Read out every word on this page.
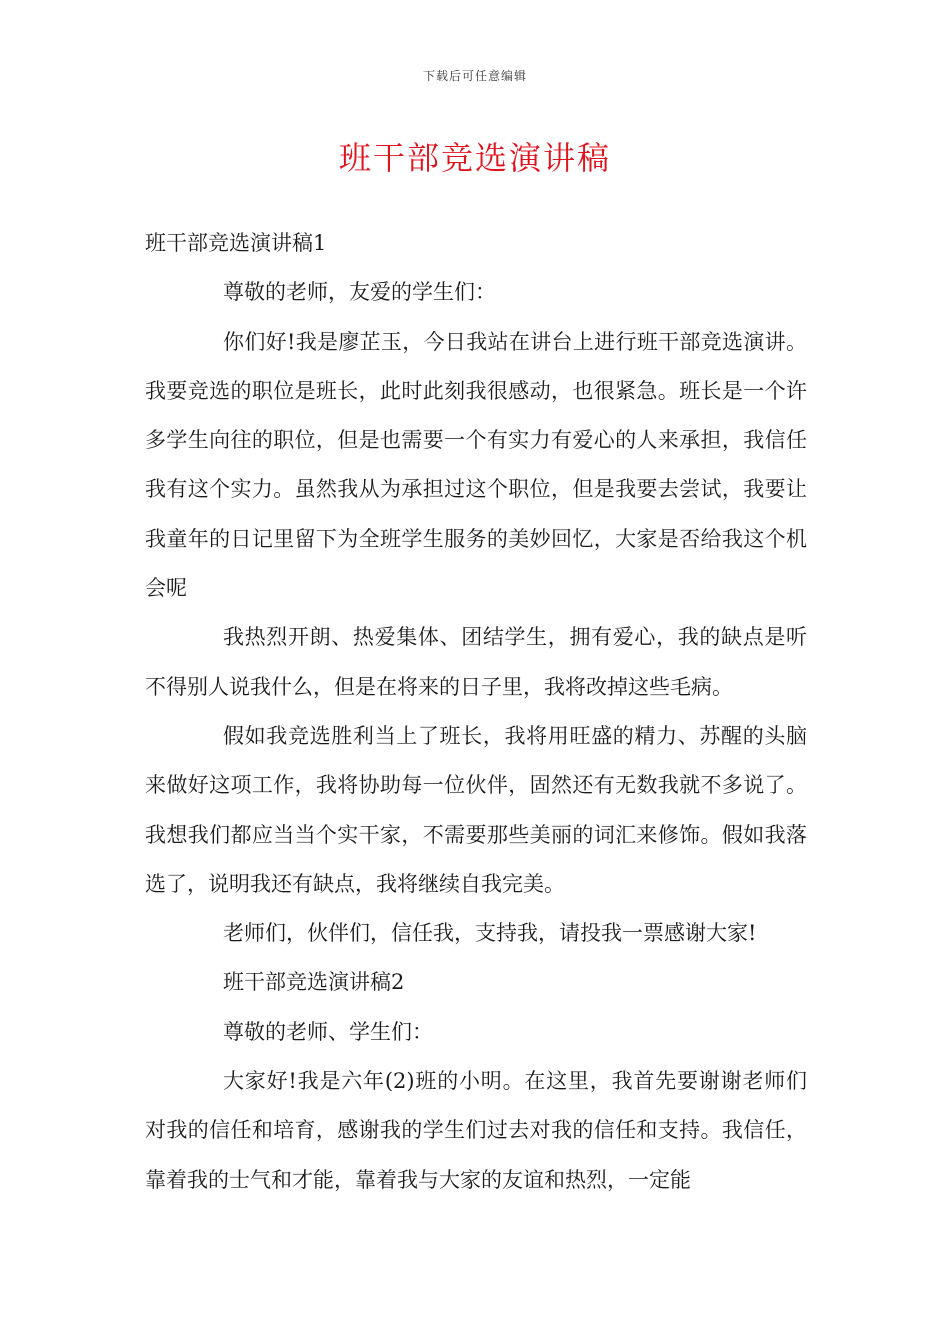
下载后可任意编辑
班干部竞选演讲稿

班干部竞选演讲稿1

尊敬的老师，友爱的学生们：

你们好!我是廖芷玉，今日我站在讲台上进行班干部竞选演讲。我要竞选的职位是班长，此时此刻我很感动，也很紧急。班长是一个许多学生向往的职位，但是也需要一个有实力有爱心的人来承担，我信任我有这个实力。虽然我从为承担过这个职位，但是我要去尝试，我要让我童年的日记里留下为全班学生服务的美妙回忆，大家是否给我这个机会呢

我热烈开朗、热爱集体、团结学生，拥有爱心，我的缺点是听不得别人说我什么，但是在将来的日子里，我将改掉这些毛病。

假如我竞选胜利当上了班长，我将用旺盛的精力、苏醒的头脑来做好这项工作，我将协助每一位伙伴，固然还有无数我就不多说了。我想我们都应当当个实干家，不需要那些美丽的词汇来修饰。假如我落选了，说明我还有缺点，我将继续自我完美。

老师们，伙伴们，信任我，支持我，请投我一票感谢大家!

班干部竞选演讲稿2

尊敬的老师、学生们：

大家好!我是六年(2)班的小明。在这里，我首先要谢谢老师们对我的信任和培育，感谢我的学生们过去对我的信任和支持。我信任，靠着我的士气和才能，靠着我与大家的友谊和热烈，一定能
